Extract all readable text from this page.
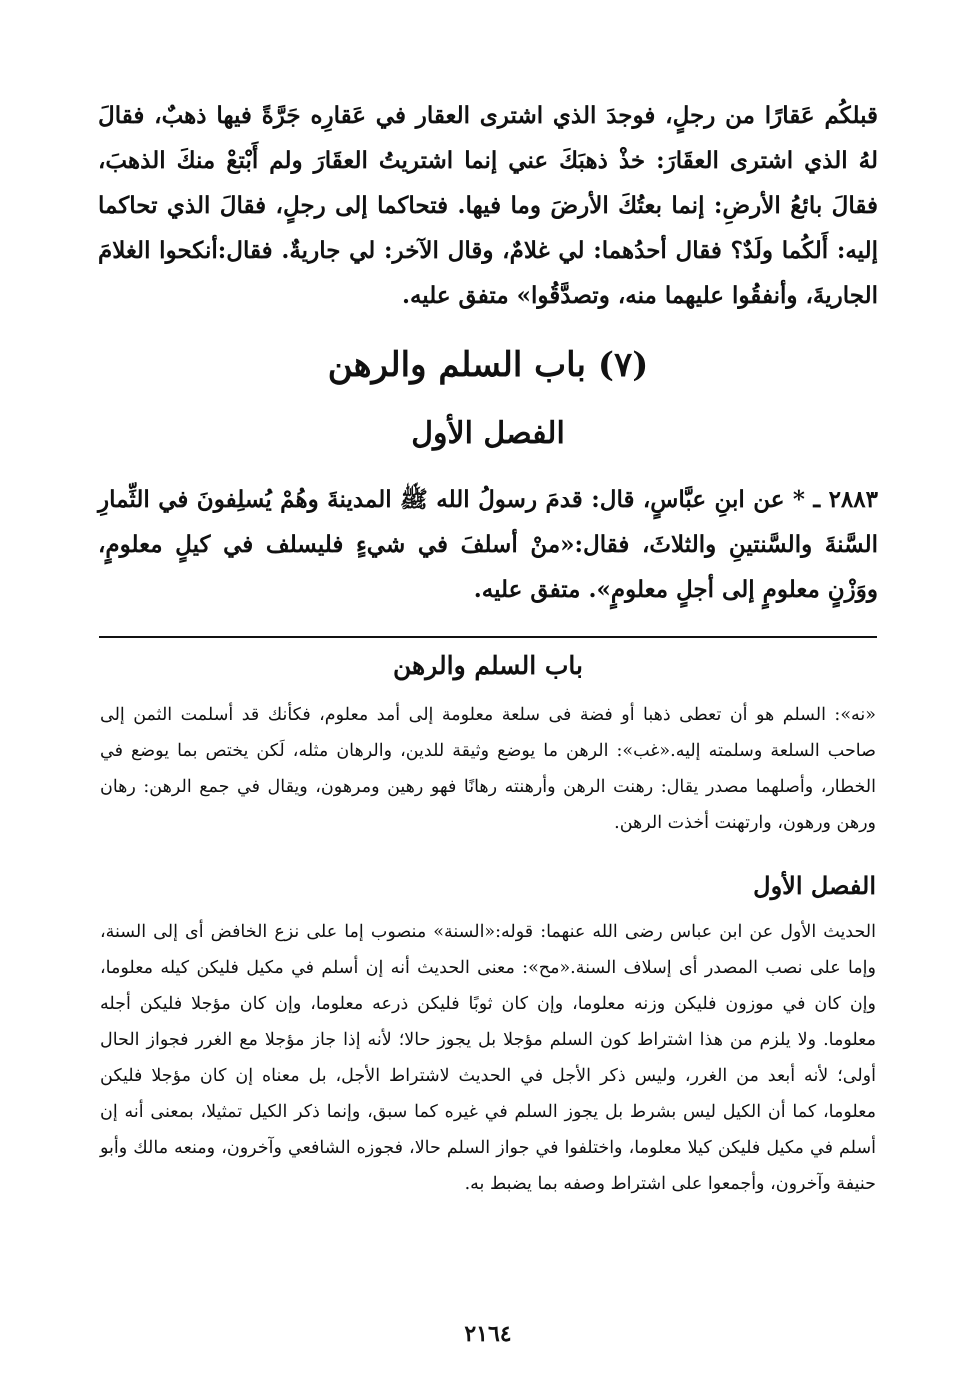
قبلكُم عَقارًا من رجلٍ، فوجدَ الذي اشترى العقار في عَقارِه جَرَّةً فيها ذهبٌ، فقالَ لهُ الذي اشترى العقَارَ: خذْ ذهبَكَ عني إنما اشتريتُ العقَارَ ولم أَبْتعْ منكَ الذهبَ، فقالَ بائعُ الأرضِ: إنما بعتُكَ الأرضَ وما فيها. فتحاكما إلى رجلٍ، فقالَ الذي تحاكما إليه: أَلكُما ولَدٌ؟ فقال أحدُهما: لي غلامٌ، وقال الآخر: لي جاريةٌ. فقال:أنكحوا الغلامَ الجاريةَ، وأنفقُوا عليهما منه، وتصدَّقُوا» متفق عليه.
(٧) باب السلم والرهن
الفصل الأول
٢٨٨٣ ـ * عن ابنِ عبَّاسٍ، قال: قدمَ رسولُ الله ﷺ المدينةَ وهُمْ يُسلِفونَ في الثِّمارِ السَّنةَ والسَّنتينِ والثلاثَ، فقال:«منْ أسلفَ في شيءٍ فليسلف في كيلٍ معلومٍ، ووَزْنٍ معلومٍ إلى أجلٍ معلومٍ». متفق عليه.
باب السلم والرهن
«نه»: السلم هو أن تعطى ذهبا أو فضة فى سلعة معلومة إلى أمد معلوم، فكأنك قد أسلمت الثمن إلى صاحب السلعة وسلمته إليه.«غب»: الرهن ما يوضع وثيقة للدين، والرهان مثله، لَكن يختص بما يوضع في الخطار، وأصلهما مصدر يقال: رهنت الرهن وأرهنته رهانًا فهو رهين ومرهون، ويقال في جمع الرهن: رهان ورهن ورهون، وارتهنت أخذت الرهن.
الفصل الأول
الحديث الأول عن ابن عباس رضى الله عنهما: قوله:«السنة» منصوب إما على نزع الخافض أى إلى السنة، وإما على نصب المصدر أى إسلاف السنة.«مح»: معنى الحديث أنه إن أسلم في مكيل فليكن كيله معلوما، وإن كان في موزون فليكن وزنه معلوما، وإن كان ثوبًا فليكن ذرعه معلوما، وإن كان مؤجلا فليكن أجله معلوما. ولا يلزم من هذا اشتراط كون السلم مؤجلا بل يجوز حالا؛ لأنه إذا جاز مؤجلا مع الغرر فجواز الحال أولى؛ لأنه أبعد من الغرر، وليس ذكر الأجل في الحديث لاشتراط الأجل، بل معناه إن كان مؤجلا فليكن معلوما، كما أن الكيل ليس بشرط بل يجوز السلم في غيره كما سبق، وإنما ذكر الكيل تمثيلا، بمعنى أنه إن أسلم في مكيل فليكن كيلا معلوما، واختلفوا في جواز السلم حالا، فجوزه الشافعي وآخرون، ومنعه مالك وأبو حنيفة وآخرون، وأجمعوا على اشتراط وصفه بما يضبط به.
٢١٦٤
